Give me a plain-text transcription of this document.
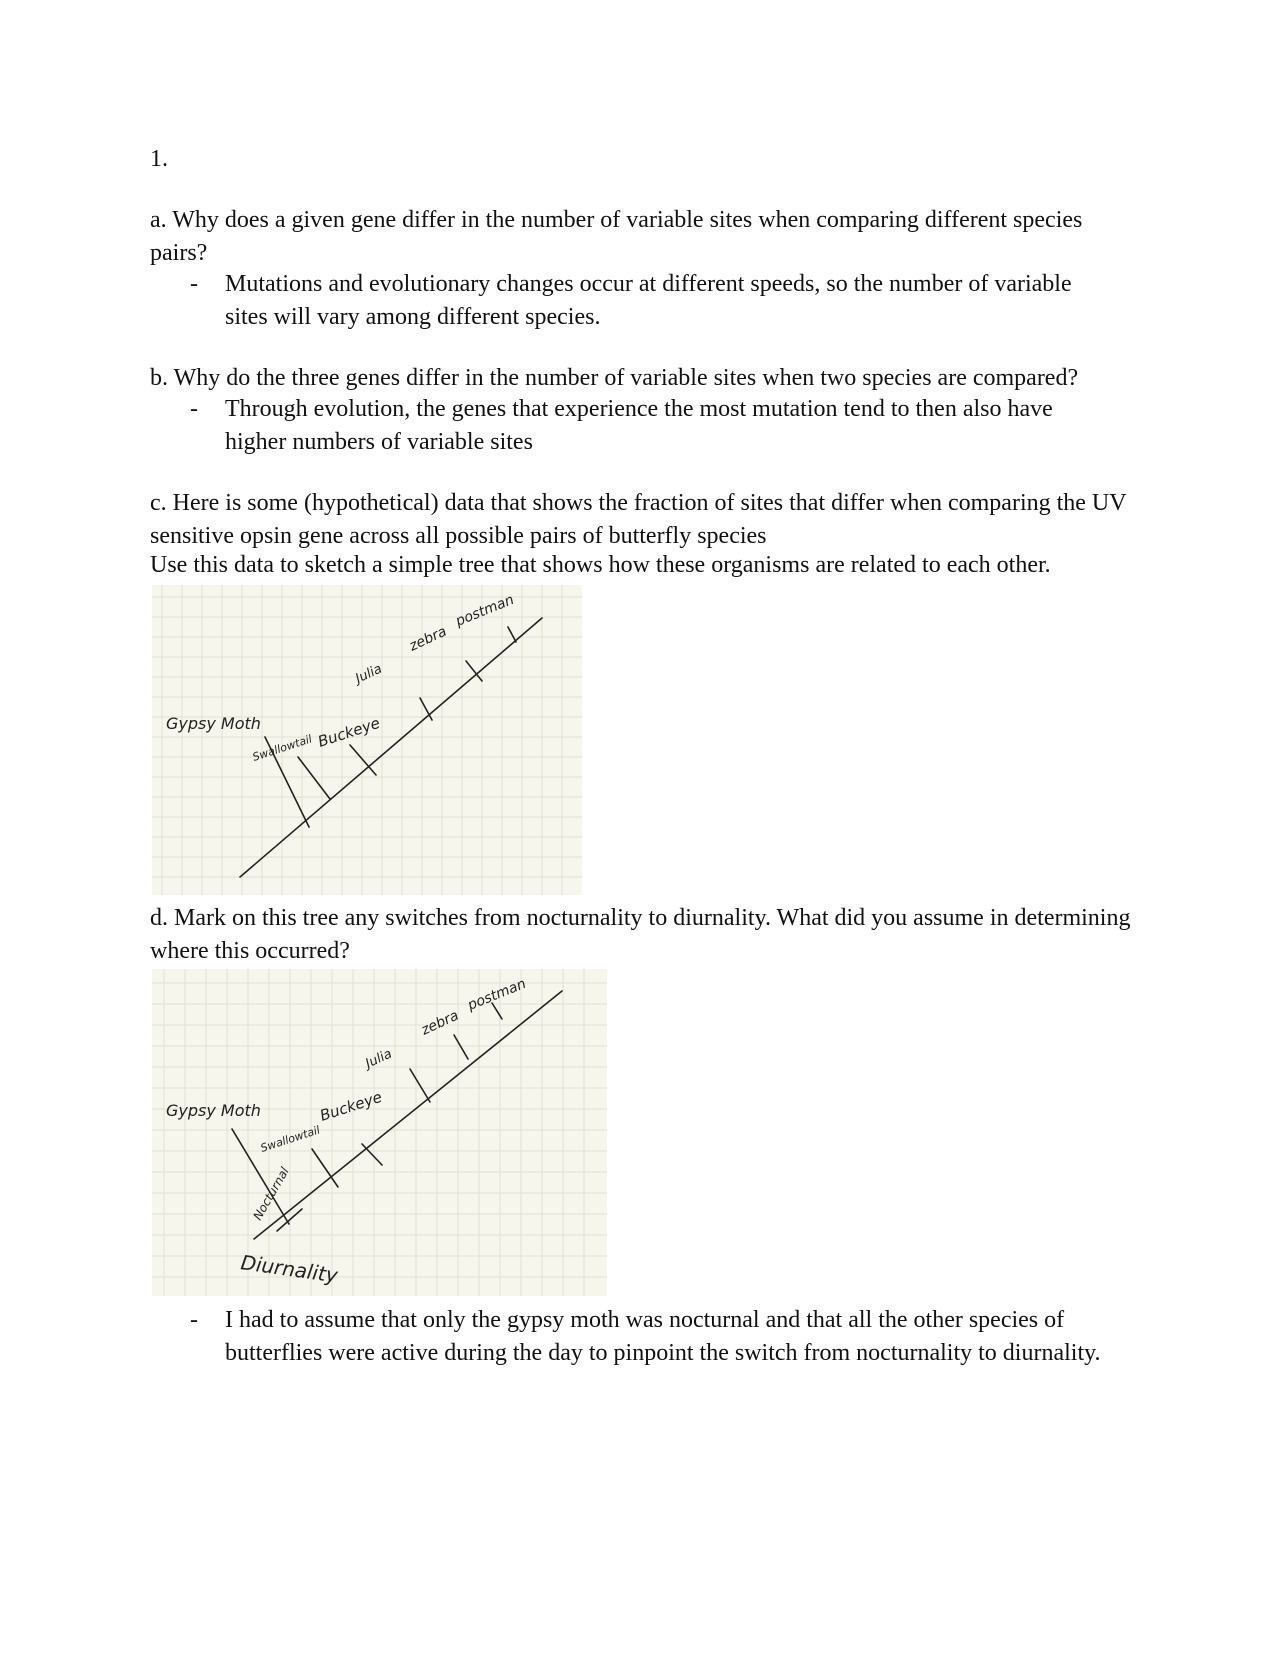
1.

a. Why does a given gene differ in the number of variable sites when comparing different species pairs?

-	Mutations and evolutionary changes occur at different speeds, so the number of variable sites will vary among different species.

b. Why do the three genes differ in the number of variable sites when two species are compared?

-	Through evolution, the genes that experience the most mutation tend to then also have higher numbers of variable sites

c. Here is some (hypothetical) data that shows the fraction of sites that differ when comparing the UV sensitive opsin gene across all possible pairs of butterfly species

Use this data to sketch a simple tree that shows how these organisms are related to each other.

Gypsy Moth
Swallowtail Buckeye
Julia
zebra
postman

d. Mark on this tree any switches from nocturnality to diurnality. What did you assume in determining where this occurred?

Gypsy Moth
Swallowtail
Buckeye
Julia
zebra
postman
Nocturnal
Diurnality
-	I had to assume that only the gypsy moth was nocturnal and that all the other species of butterflies were active during the day to pinpoint the switch from nocturnality to diurnality.
